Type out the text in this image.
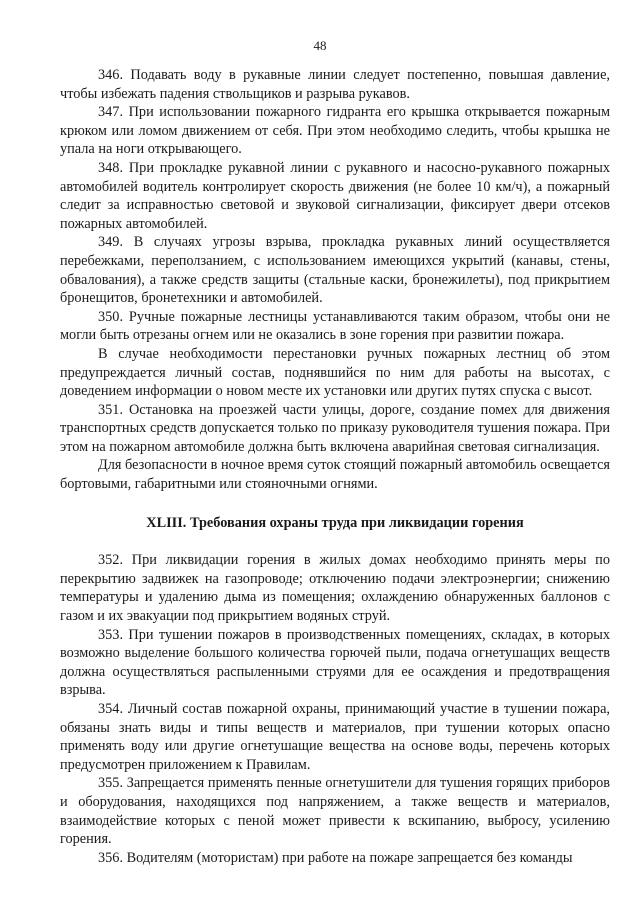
48

346. Подавать воду в рукавные линии следует постепенно, повышая давление, чтобы избежать падения ствольщиков и разрыва рукавов.

347. При использовании пожарного гидранта его крышка открывается пожарным крюком или ломом движением от себя. При этом необходимо следить, чтобы крышка не упала на ноги открывающего.

348. При прокладке рукавной линии с рукавного и насосно-рукавного пожарных автомобилей водитель контролирует скорость движения (не более 10 км/ч), а пожарный следит за исправностью световой и звуковой сигнализации, фиксирует двери отсеков пожарных автомобилей.

349. В случаях угрозы взрыва, прокладка рукавных линий осуществляется перебежками, переползанием, с использованием имеющихся укрытий (канавы, стены, обвалования), а также средств защиты (стальные каски, бронежилеты), под прикрытием бронещитов, бронетехники и автомобилей.

350. Ручные пожарные лестницы устанавливаются таким образом, чтобы они не могли быть отрезаны огнем или не оказались в зоне горения при развитии пожара.

В случае необходимости перестановки ручных пожарных лестниц об этом предупреждается личный состав, поднявшийся по ним для работы на высотах, с доведением информации о новом месте их установки или других путях спуска с высот.

351. Остановка на проезжей части улицы, дороге, создание помех для движения транспортных средств допускается только по приказу руководителя тушения пожара. При этом на пожарном автомобиле должна быть включена аварийная световая сигнализация.

Для безопасности в ночное время суток стоящий пожарный автомобиль освещается бортовыми, габаритными или стояночными огнями.

XLIII. Требования охраны труда при ликвидации горения

352. При ликвидации горения в жилых домах необходимо принять меры по перекрытию задвижек на газопроводе; отключению подачи электроэнергии; снижению температуры и удалению дыма из помещения; охлаждению обнаруженных баллонов с газом и их эвакуации под прикрытием водяных струй.

353. При тушении пожаров в производственных помещениях, складах, в которых возможно выделение большого количества горючей пыли, подача огнетушащих веществ должна осуществляться распыленными струями для ее осаждения и предотвращения взрыва.

354. Личный состав пожарной охраны, принимающий участие в тушении пожара, обязаны знать виды и типы веществ и материалов, при тушении которых опасно применять воду или другие огнетушащие вещества на основе воды, перечень которых предусмотрен приложением к Правилам.

355. Запрещается применять пенные огнетушители для тушения горящих приборов и оборудования, находящихся под напряжением, а также веществ и материалов, взаимодействие которых с пеной может привести к вскипанию, выбросу, усилению горения.

356. Водителям (мотористам) при работе на пожаре запрещается без команды
